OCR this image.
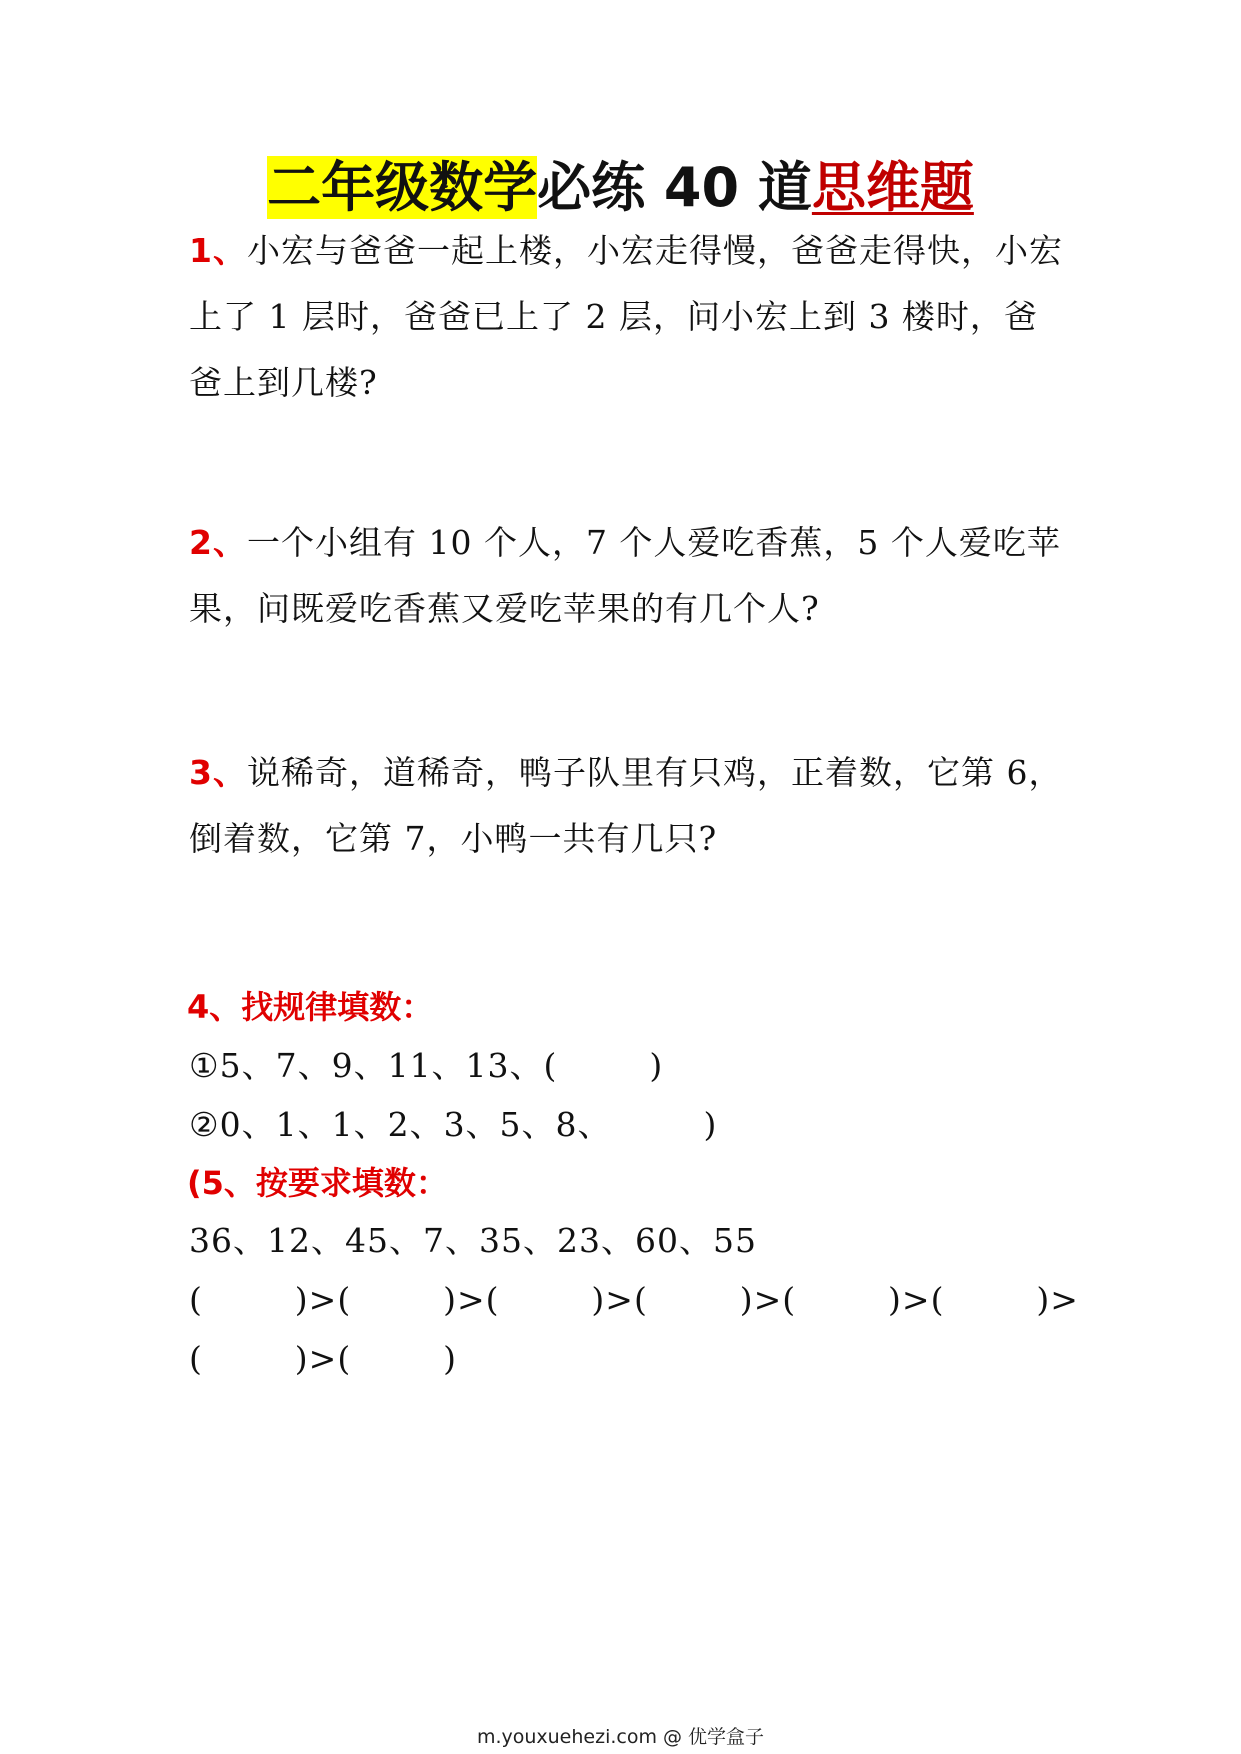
二年级数学必练 40 道思维题
1、小宏与爸爸一起上楼，小宏走得慢，爸爸走得快，小宏上了 1 层时，爸爸已上了 2 层，问小宏上到 3 楼时，爸爸上到几楼?
2、一个小组有 10 个人，7 个人爱吃香蕉，5 个人爱吃苹果，问既爱吃香蕉又爱吃苹果的有几个人?
3、说稀奇，道稀奇，鸭子队里有只鸡，正着数，它第 6，倒着数，它第 7，小鸭一共有几只?
4、找规律填数：
①5、7、9、11、13、(        )
②0、1、1、2、3、5、8、        )
(5、按要求填数：
36、12、45、7、35、23、60、55
(        )>(        )>(        )>(        )>(        )>(        )>
(        )>(        )
m.youxuehezi.com @ 优学盒子
